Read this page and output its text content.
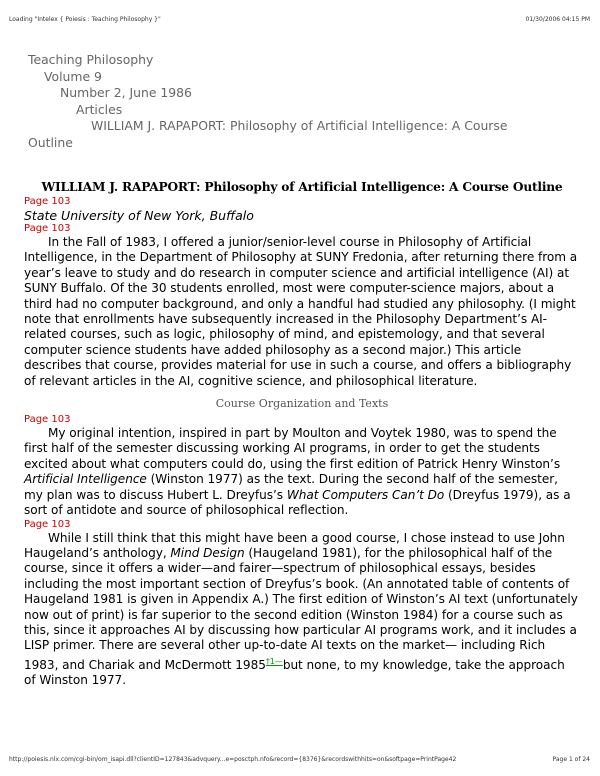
Loading "Intelex { Poiesis : Teaching Philosophy }"	01/30/2006 04:15 PM
Teaching Philosophy
Volume 9
Number 2, June 1986
Articles
WILLIAM J. RAPAPORT: Philosophy of Artificial Intelligence: A Course
Outline
WILLIAM J. RAPAPORT: Philosophy of Artificial Intelligence: A Course Outline
Page 103
State University of New York, Buffalo
Page 103

In the Fall of 1983, I offered a junior/senior-level course in Philosophy of Artificial Intelligence, in the Department of Philosophy at SUNY Fredonia, after returning there from a year’s leave to study and do research in computer science and artificial intelligence (AI) at SUNY Buffalo. Of the 30 students enrolled, most were computer-science majors, about a third had no computer background, and only a handful had studied any philosophy. (I might note that enrollments have subsequently increased in the Philosophy Department’s AI-related courses, such as logic, philosophy of mind, and epistemology, and that several computer science students have added philosophy as a second major.) This article describes that course, provides material for use in such a course, and offers a bibliography of relevant articles in the AI, cognitive science, and philosophical literature.

Course Organization and Texts
Page 103

My original intention, inspired in part by Moulton and Voytek 1980, was to spend the first half of the semester discussing working AI programs, in order to get the students excited about what computers could do, using the first edition of Patrick Henry Winston’s Artificial Intelligence (Winston 1977) as the text. During the second half of the semester, my plan was to discuss Hubert L. Dreyfus’s What Computers Can’t Do (Dreyfus 1979), as a sort of antidote and source of philosophical reflection.

Page 103

While I still think that this might have been a good course, I chose instead to use John Haugeland’s anthology, Mind Design (Haugeland 1981), for the philosophical half of the course, since it offers a wider—and fairer—spectrum of philosophical essays, besides including the most important section of Dreyfus’s book. (An annotated table of contents of Haugeland 1981 is given in Appendix A.) The first edition of Winston’s AI text (unfortunately now out of print) is far superior to the second edition (Winston 1984) for a course such as this, since it approaches AI by discussing how particular AI programs work, and it includes a LISP primer. There are several other up-to-date AI texts on the market— including Rich 1983, and Chariak and McDermott 1985$^{\dagger 1—}$but none, to my knowledge, take the approach of Winston 1977.

http://poiesis.nlx.com/cgi-bin/om_isapi.dll?clientID=127843&advquery...e=posctph.nfo&record={8376}&recordswithhits=on&softpage=PrintPage42	Page 1 of 24
